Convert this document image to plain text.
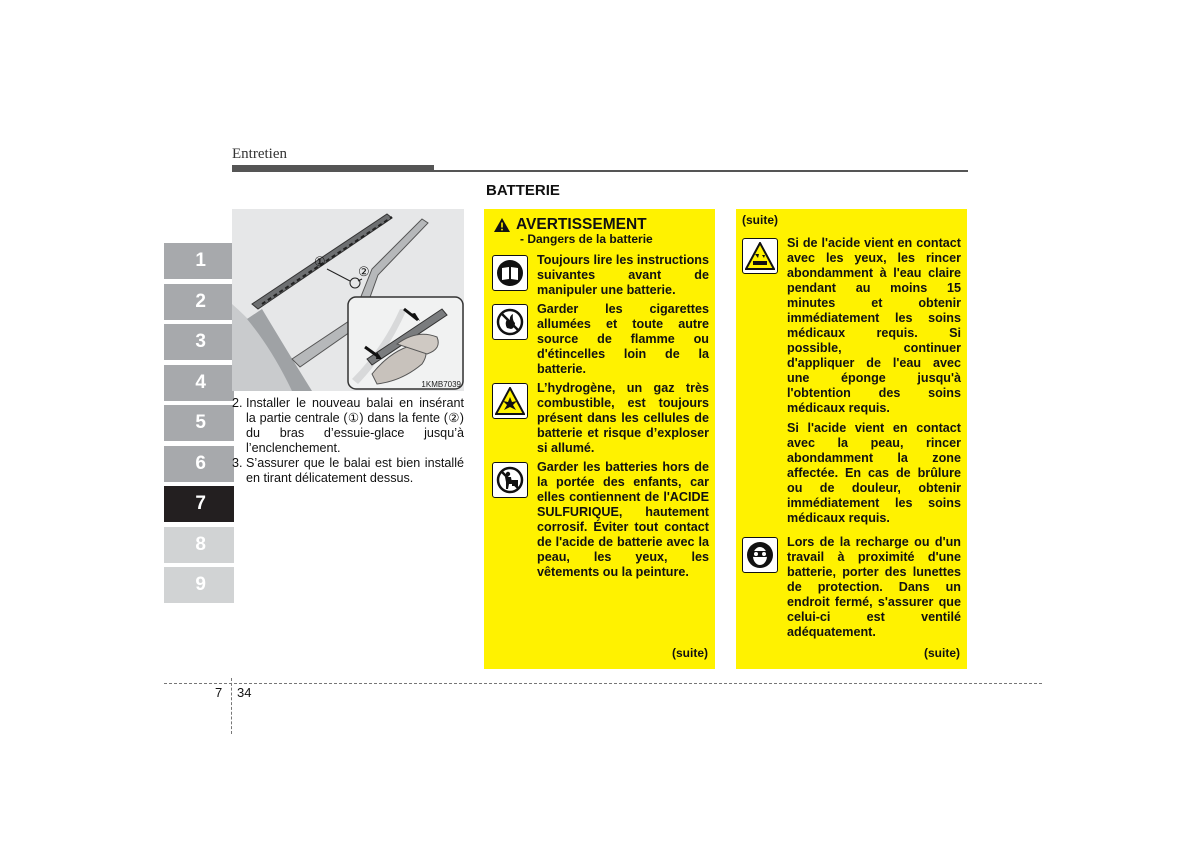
Entretien
1
2
3
4
5
6
7
8
9
①
②
1KMB7039
2. Installer le nouveau balai en insérant la partie centrale (①) dans la fente (②) du bras d’essuie-glace jusqu’à l’enclenchement.
3. S’assurer que le balai est bien installé en tirant délicatement dessus.
BATTERIE
AVERTISSEMENT
- Dangers de la batterie
Toujours lire les instructions suivantes avant de manipuler une batterie.
Garder les cigarettes allumées et toute autre source de flamme ou d'étincelles loin de la batterie.
L’hydrogène, un gaz très combustible, est toujours présent dans les cellules de batterie et risque d’exploser si allumé.
Garder les batteries hors de la portée des enfants, car elles contiennent de l'ACIDE SULFURIQUE, hautement corrosif. Éviter tout contact de l'acide de batterie avec la peau, les yeux, les vêtements ou la peinture.
(suite)
(suite)

Si de l'acide vient en contact avec les yeux, les rincer abondamment à l'eau claire pendant au moins 15 minutes et obtenir immédiatement les soins médicaux requis. Si possible, continuer d'appliquer de l'eau avec une éponge jusqu'à l'obtention des soins médicaux requis.

Si l'acide vient en contact avec la peau, rincer abondamment la zone affectée. En cas de brûlure ou de douleur, obtenir immédiatement les soins médicaux requis.

Lors de la recharge ou d'un travail à proximité d'une batterie, porter des lunettes de protection. Dans un endroit fermé, s'assurer que celui-ci est ventilé adéquatement.

(suite)
7 34
